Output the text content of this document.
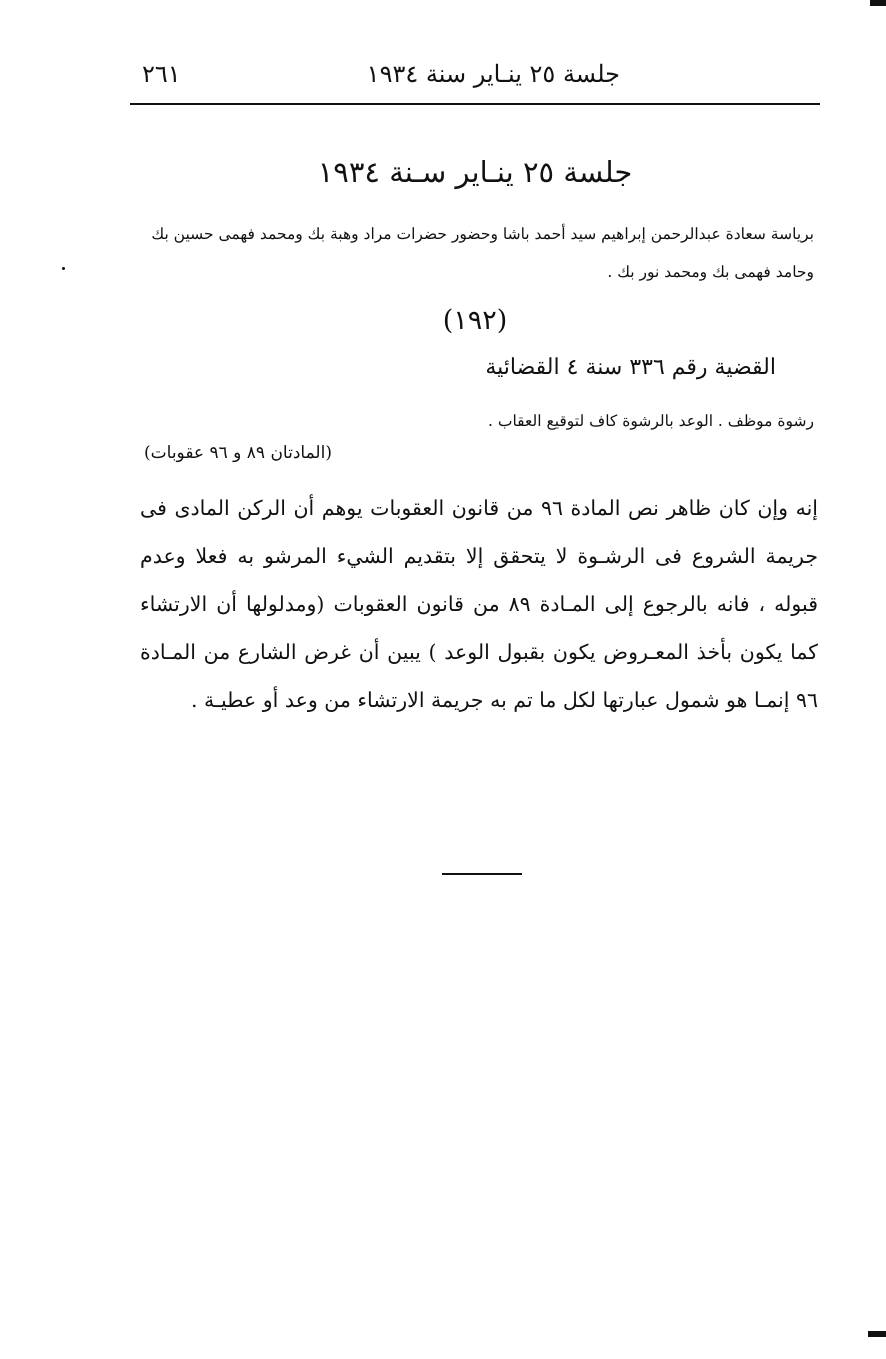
جلسة ٢٥ ينـاير سنة ١٩٣٤
٢٦١
جلسة ٢٥ ينـاير سـنة ١٩٣٤
برياسة سعادة عبدالرحمن إبراهيم سيد أحمد باشا وحضور حضرات مراد وهبة بك ومحمد فهمى حسين بك وحامد فهمى بك ومحمد نور بك .
(١٩٢)
القضية رقم ٣٣٦ سنة ٤ القضائية
رشوة موظف . الوعد بالرشوة كاف لتوقيع العقاب .
(المادتان ٨٩ و ٩٦ عقوبات)
إنه وإن كان ظاهر نص المادة ٩٦ من قانون العقوبات يوهم أن الركن المادى فى جريمة الشروع فى الرشـوة لا يتحقق إلا بتقديم الشيء المرشو به فعلا وعدم قبوله ، فانه بالرجوع إلى المـادة ٨٩ من قانون العقوبات (ومدلولها أن الارتشاء كما يكون بأخذ المعـروض يكون بقبول الوعد ) يبين أن غرض الشارع من المـادة ٩٦ إنمـا هو شمول عبارتها لكل ما تم به جريمة الارتشاء من وعد أو عطيـة .
